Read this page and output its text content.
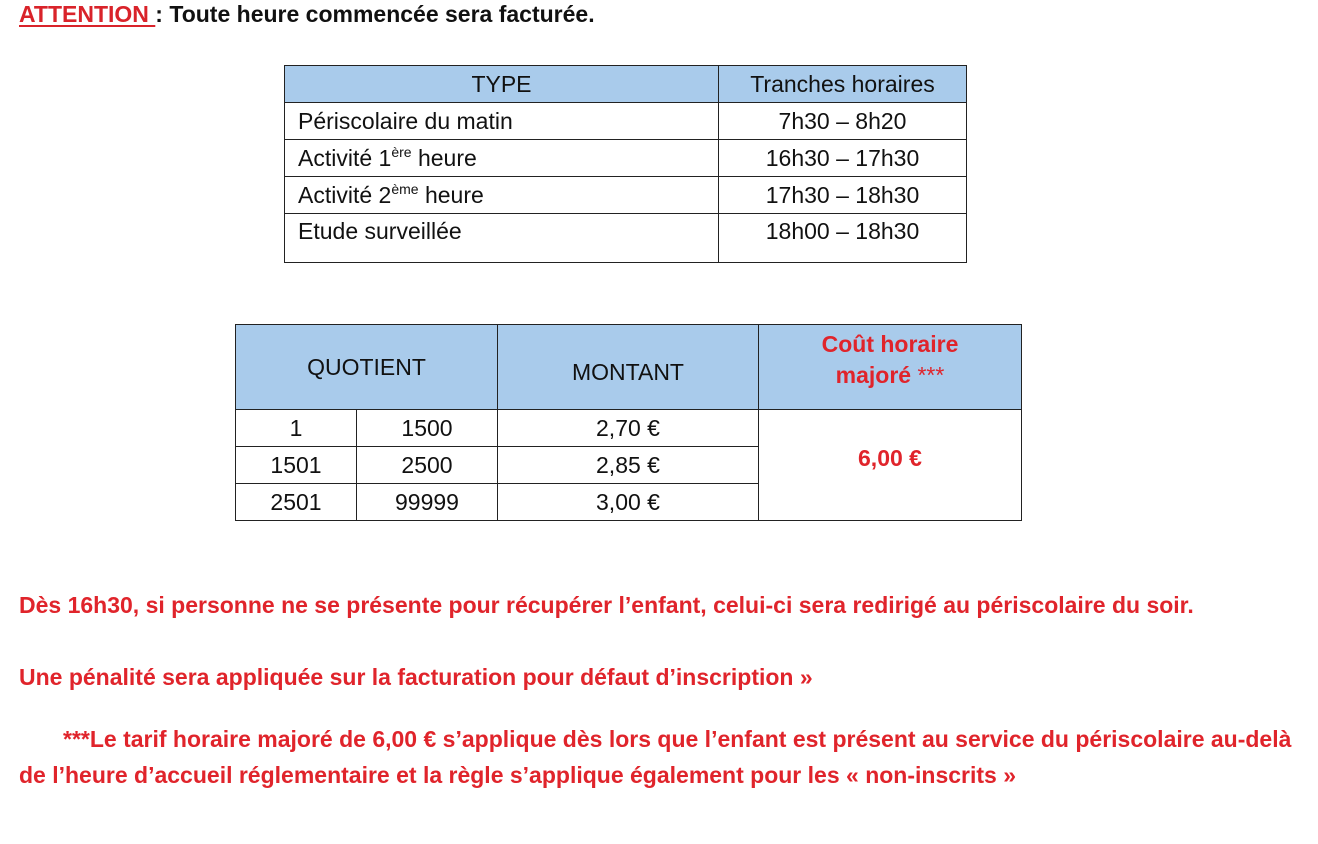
ATTENTION : Toute heure commencée sera facturée.
TYPE	Tranches horaires
Périscolaire du matin	7h30 – 8h20
Activité 1ère heure	16h30 – 17h30
Activité 2ème heure	17h30 – 18h30
Etude surveillée	18h00 – 18h30
QUOTIENT		MONTANT	Coût horaire
majoré ***

1	1500	2,70 €	6,00 €
1501	2500	2,85 €	
2501	99999	3,00 €	
Dès 16h30, si personne ne se présente pour récupérer l’enfant, celui-ci sera redirigé au périscolaire du soir.
Une pénalité sera appliquée sur la facturation pour défaut d’inscription »
***Le tarif horaire majoré de 6,00 € s’applique dès lors que l’enfant est présent au service du périscolaire au-delà de l’heure d’accueil réglementaire et la règle s’applique également pour les « non-inscrits »
